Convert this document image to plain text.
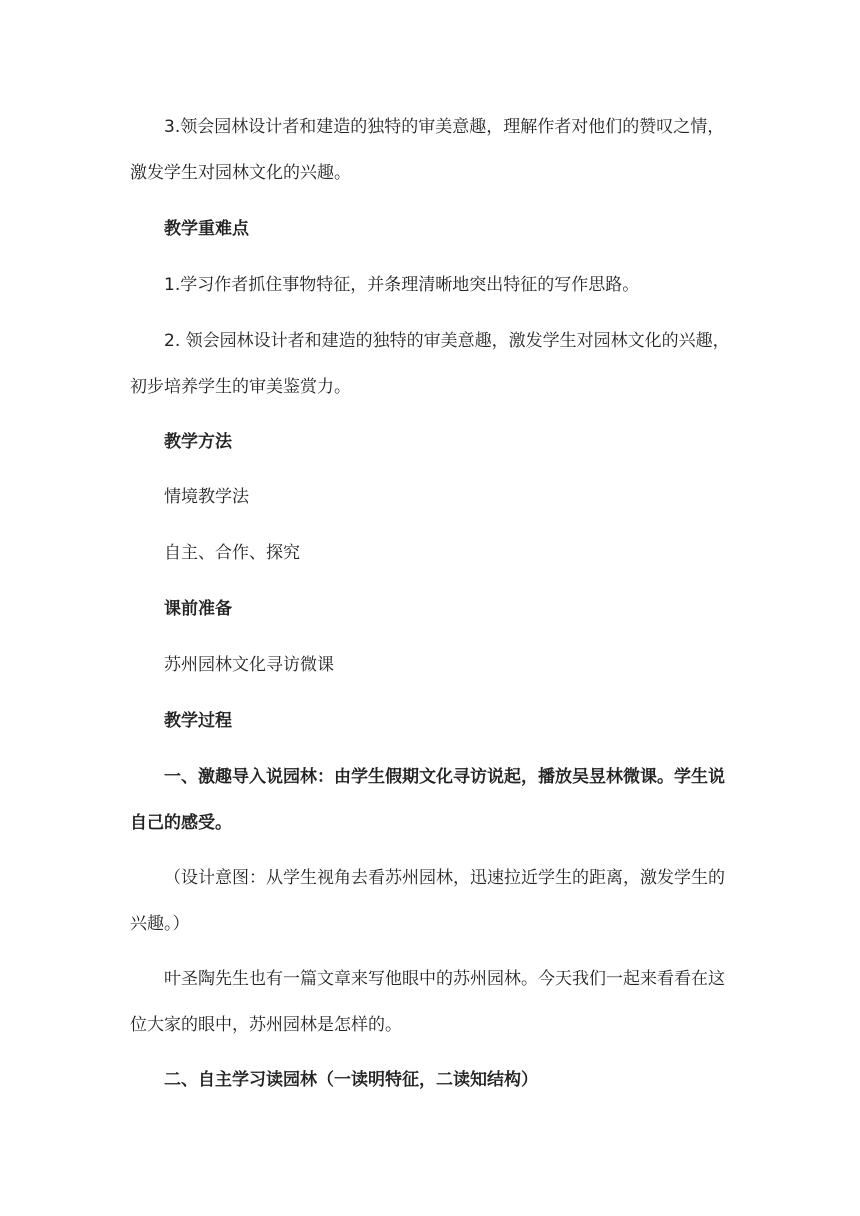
3.领会园林设计者和建造的独特的审美意趣，理解作者对他们的赞叹之情，
激发学生对园林文化的兴趣。

教学重难点

1.学习作者抓住事物特征，并条理清晰地突出特征的写作思路。

2. 领会园林设计者和建造的独特的审美意趣，激发学生对园林文化的兴趣，
初步培养学生的审美鉴赏力。

教学方法

情境教学法

自主、合作、探究

课前准备

苏州园林文化寻访微课

教学过程

一、激趣导入说园林：由学生假期文化寻访说起，播放吴昱林微课。学生说
自己的感受。

（设计意图：从学生视角去看苏州园林，迅速拉近学生的距离，激发学生的
兴趣。）

叶圣陶先生也有一篇文章来写他眼中的苏州园林。今天我们一起来看看在这
位大家的眼中，苏州园林是怎样的。

二、自主学习读园林（一读明特征，二读知结构）
